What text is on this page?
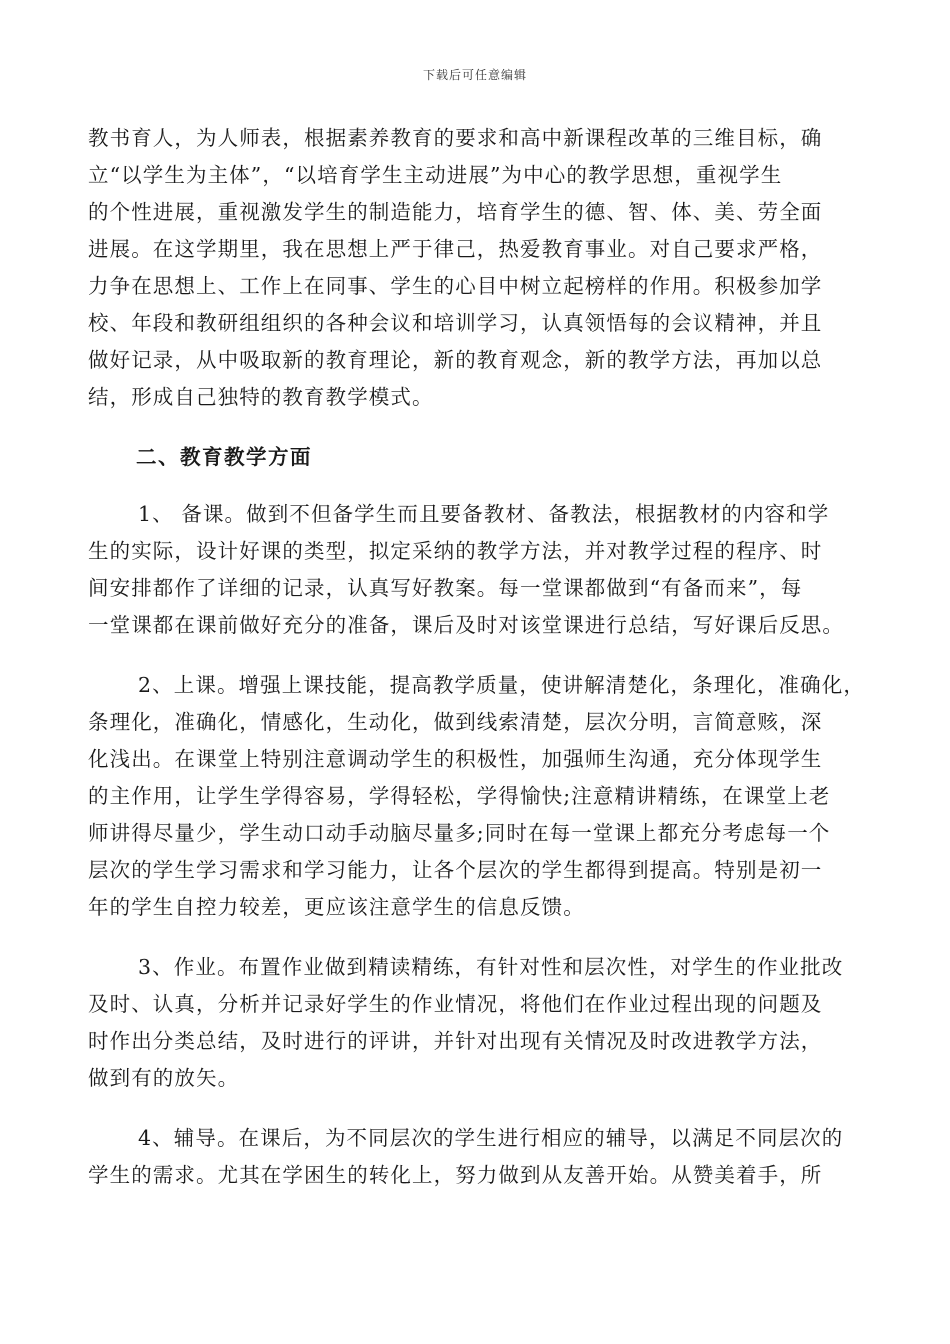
下载后可任意编辑
教书育人，为人师表，根据素养教育的要求和高中新课程改革的三维目标，确
立“以学生为主体”，“以培育学生主动进展”为中心的教学思想，重视学生
的个性进展，重视激发学生的制造能力，培育学生的德、智、体、美、劳全面
进展。在这学期里，我在思想上严于律己，热爱教育事业。对自己要求严格，
力争在思想上、工作上在同事、学生的心目中树立起榜样的作用。积极参加学
校、年段和教研组组织的各种会议和培训学习，认真领悟每的会议精神，并且
做好记录，从中吸取新的教育理论，新的教育观念，新的教学方法，再加以总
结，形成自己独特的教育教学模式。
二、教育教学方面
1、 备课。做到不但备学生而且要备教材、备教法，根据教材的内容和学
生的实际，设计好课的类型，拟定采纳的教学方法，并对教学过程的程序、时
间安排都作了详细的记录，认真写好教案。每一堂课都做到“有备而来”，每
一堂课都在课前做好充分的准备，课后及时对该堂课进行总结，写好课后反思。
2、上课。增强上课技能，提高教学质量，使讲解清楚化，条理化，准确化，
条理化，准确化，情感化，生动化，做到线索清楚，层次分明，言简意赅，深
化浅出。在课堂上特别注意调动学生的积极性，加强师生沟通，充分体现学生
的主作用，让学生学得容易，学得轻松，学得愉快;注意精讲精练，在课堂上老
师讲得尽量少，学生动口动手动脑尽量多;同时在每一堂课上都充分考虑每一个
层次的学生学习需求和学习能力，让各个层次的学生都得到提高。特别是初一
年的学生自控力较差，更应该注意学生的信息反馈。
3、作业。布置作业做到精读精练，有针对性和层次性，对学生的作业批改
及时、认真，分析并记录好学生的作业情况，将他们在作业过程出现的问题及
时作出分类总结，及时进行的评讲，并针对出现有关情况及时改进教学方法，
做到有的放矢。
4、辅导。在课后，为不同层次的学生进行相应的辅导，以满足不同层次的
学生的需求。尤其在学困生的转化上，努力做到从友善开始。从赞美着手，所
